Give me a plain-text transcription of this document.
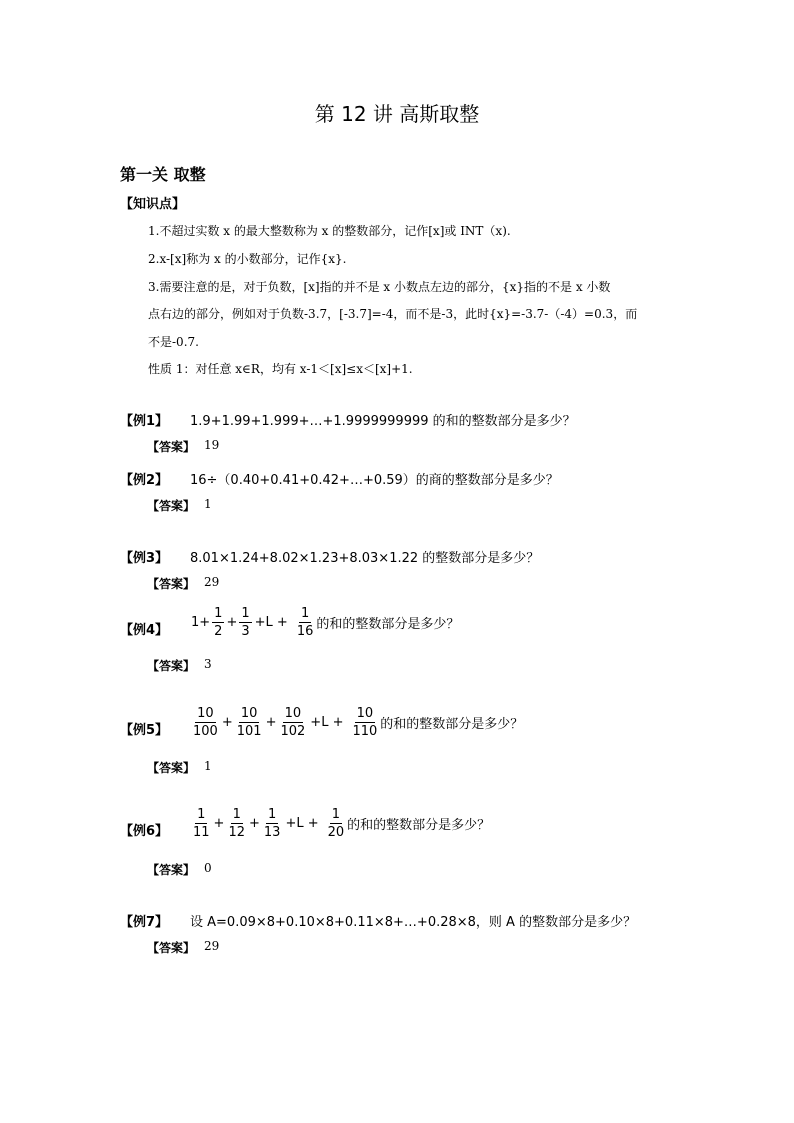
第 12 讲 高斯取整
第一关 取整
【知识点】
1.不超过实数 x 的最大整数称为 x 的整数部分，记作[x]或 INT（x).
2.x-[x]称为 x 的小数部分，记作{x}.
3.需要注意的是，对于负数，[x]指的并不是 x 小数点左边的部分，{x}指的不是 x 小数
点右边的部分，例如对于负数-3.7，[-3.7]=-4，而不是-3，此时{x}=-3.7-（-4）=0.3，而
不是-0.7.
性质 1：对任意 x∈R，均有 x-1＜[x]≤x＜[x]+1.
【例1】 1.9+1.99+1.999+…+1.9999999999 的和的整数部分是多少？
【答案】 19
【例2】 16÷（0.40+0.41+0.42+…+0.59）的商的整数部分是多少？
【答案】 1
【例3】 8.01×1.24+8.02×1.23+8.03×1.22 的整数部分是多少？
【答案】 29
【例4】
$1+ \frac{1}{2} + \frac{1}{3} +L + \frac{1}{16}$ 的和的整数部分是多少？
【答案】 3
【例5】 $\frac{10}{100} + \frac{10}{101} + \frac{10}{102} +L + \frac{10}{110}$ 的和的整数部分是多少？
【答案】 1
【例6】 $\frac{1}{11} + \frac{1}{12} + \frac{1}{13} +L + \frac{1}{20}$ 的和的整数部分是多少？
【答案】 0
【例7】 设 A=0.09×8+0.10×8+0.11×8+…+0.28×8，则 A 的整数部分是多少？
【答案】 29
